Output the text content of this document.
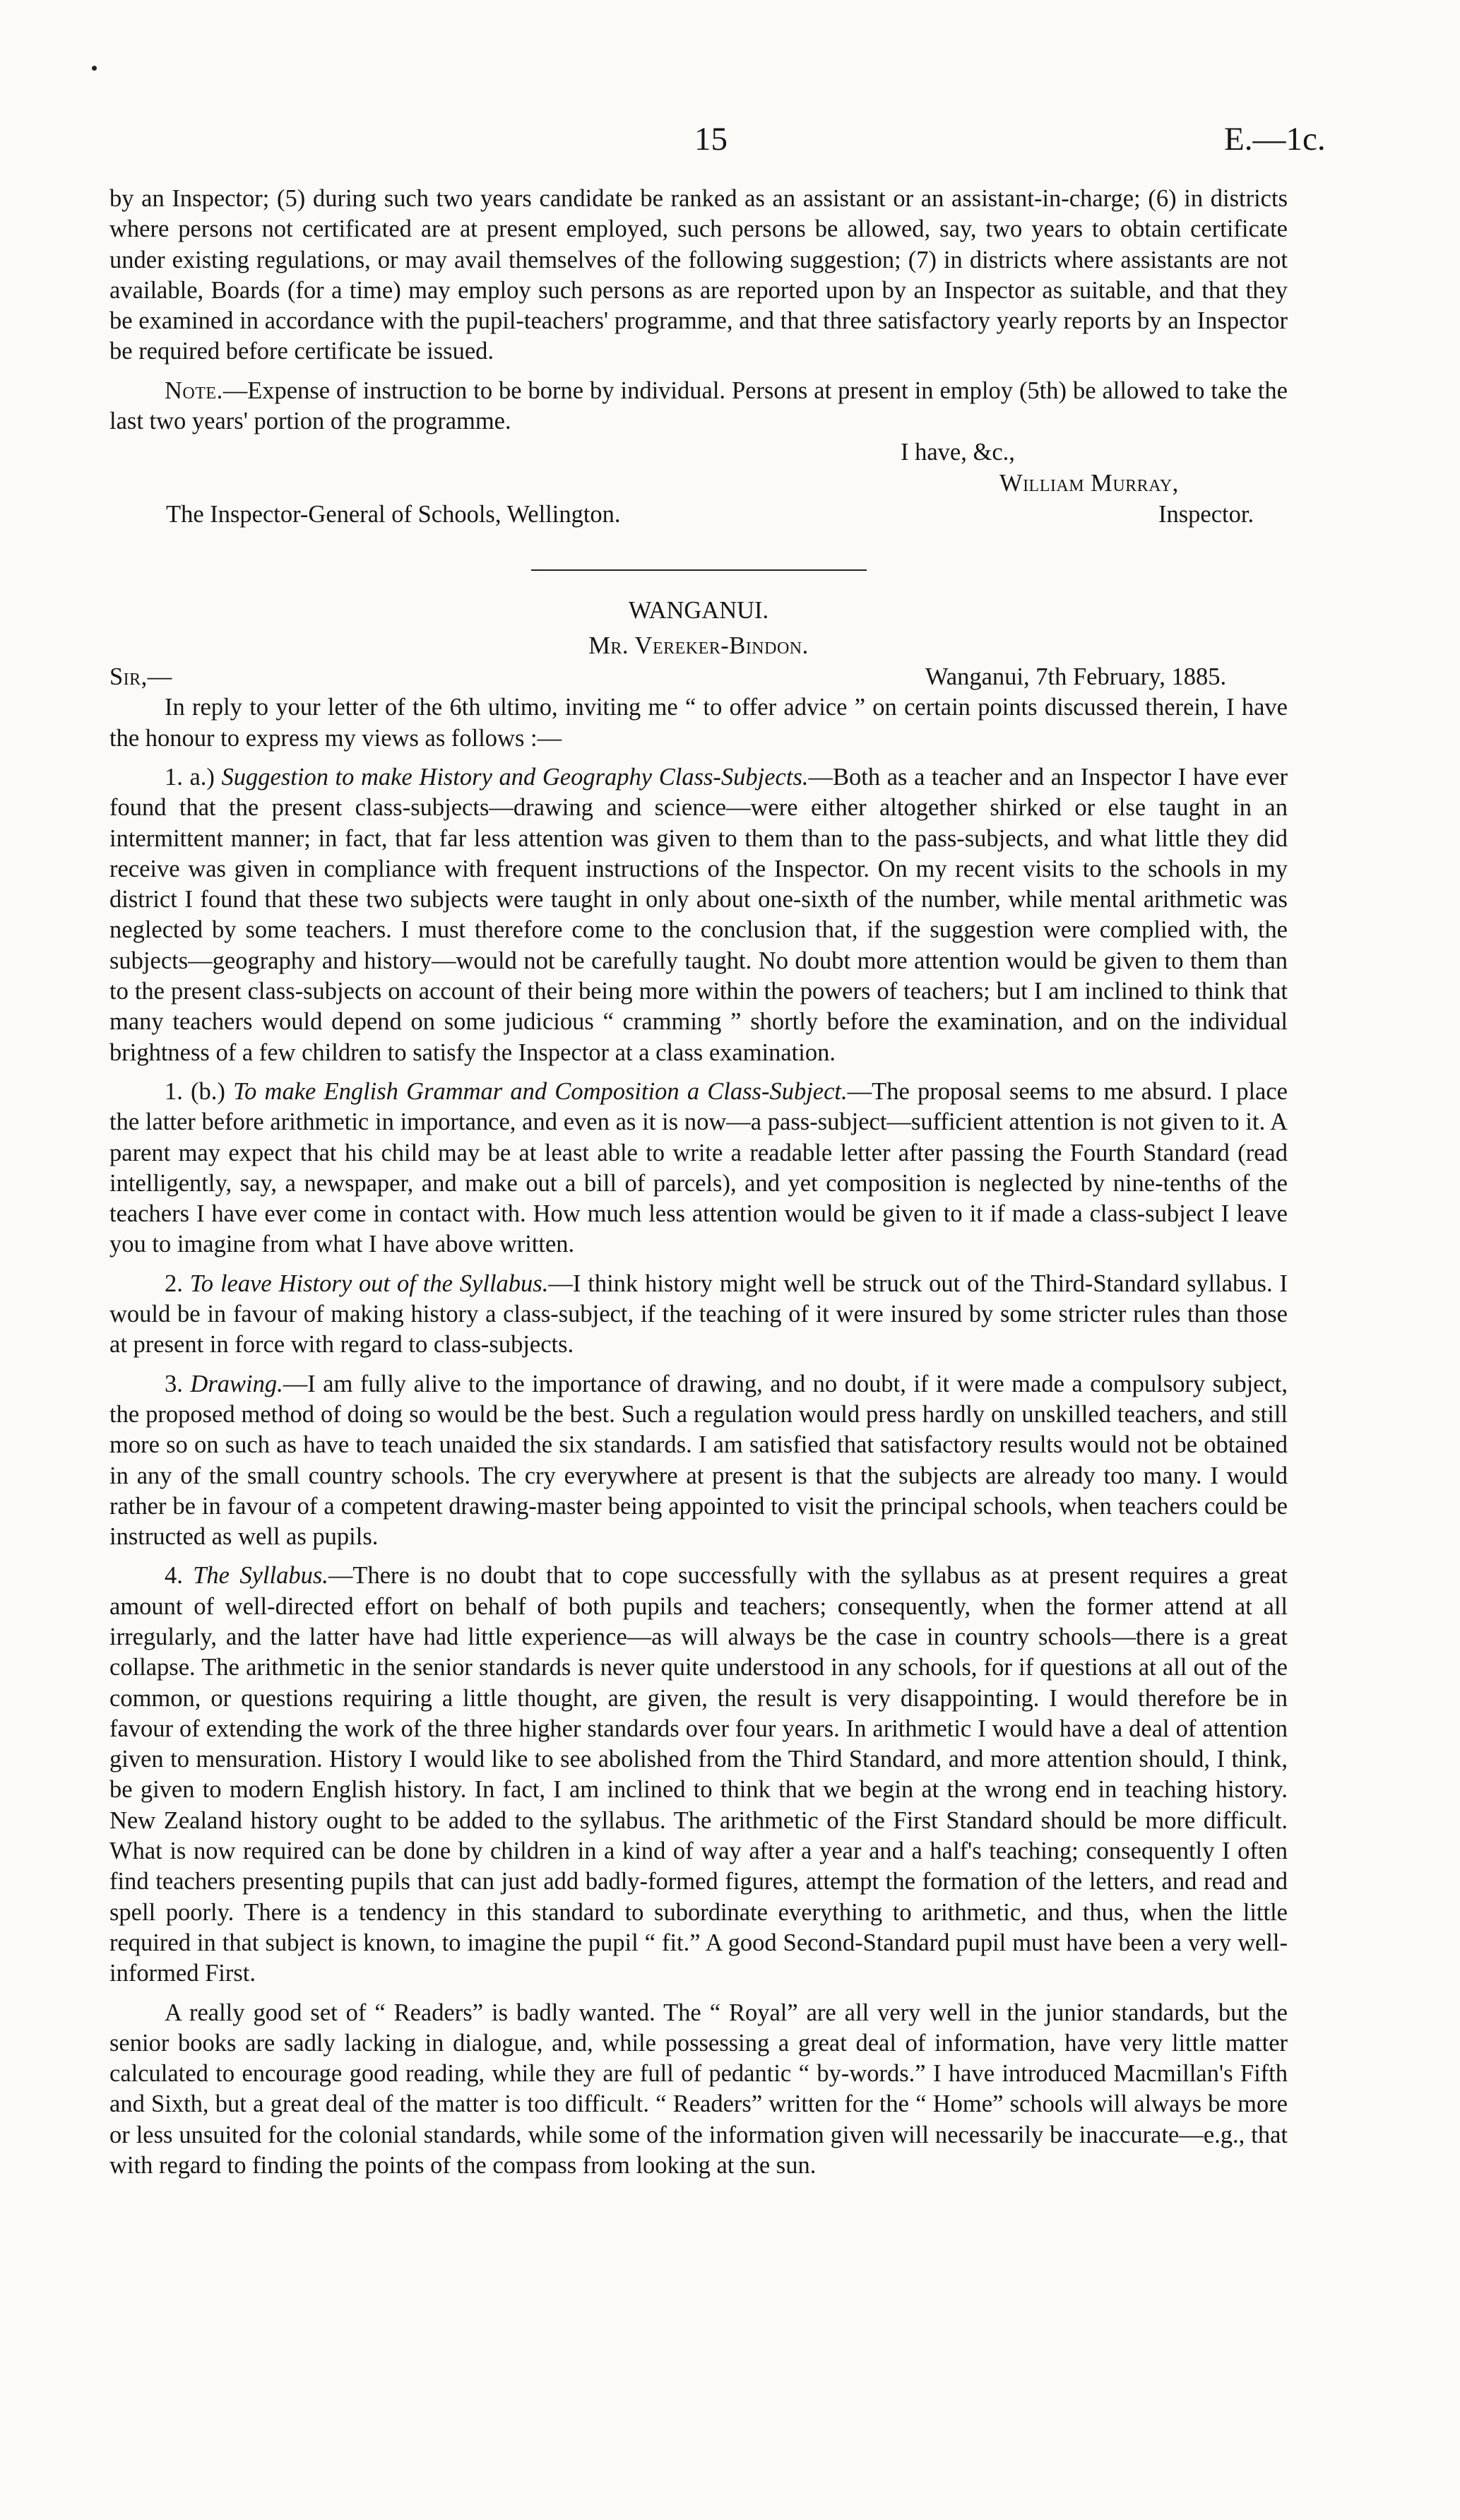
15	E.—1c.

by an Inspector; (5) during such two years candidate be ranked as an assistant or an assistant-in-charge; (6) in districts where persons not certificated are at present employed, such persons be allowed, say, two years to obtain certificate under existing regulations, or may avail themselves of the following suggestion; (7) in districts where assistants are not available, Boards (for a time) may employ such persons as are reported upon by an Inspector as suitable, and that they be examined in accordance with the pupil-teachers' programme, and that three satisfactory yearly reports by an Inspector be required before certificate be issued.

Note.—Expense of instruction to be borne by individual. Persons at present in employ (5th) be allowed to take the last two years' portion of the programme.

I have, &c.,
William Murray,
The Inspector-General of Schools, Wellington.	Inspector.
WANGANUI.
Mr. Vereker-Bindon.
Sir,—	Wanganui, 7th February, 1885.

In reply to your letter of the 6th ultimo, inviting me “ to offer advice ” on certain points discussed therein, I have the honour to express my views as follows :—

1. a.) Suggestion to make History and Geography Class-Subjects.—Both as a teacher and an Inspector I have ever found that the present class-subjects—drawing and science—were either altogether shirked or else taught in an intermittent manner; in fact, that far less attention was given to them than to the pass-subjects, and what little they did receive was given in compliance with frequent instructions of the Inspector. On my recent visits to the schools in my district I found that these two subjects were taught in only about one-sixth of the number, while mental arithmetic was neglected by some teachers. I must therefore come to the conclusion that, if the suggestion were complied with, the subjects—geography and history—would not be carefully taught. No doubt more attention would be given to them than to the present class-subjects on account of their being more within the powers of teachers; but I am inclined to think that many teachers would depend on some judicious “ cramming ” shortly before the examination, and on the individual brightness of a few children to satisfy the Inspector at a class examination.

1. (b.) To make English Grammar and Composition a Class-Subject.—The proposal seems to me absurd. I place the latter before arithmetic in importance, and even as it is now—a pass-subject—sufficient attention is not given to it. A parent may expect that his child may be at least able to write a readable letter after passing the Fourth Standard (read intelligently, say, a newspaper, and make out a bill of parcels), and yet composition is neglected by nine-tenths of the teachers I have ever come in contact with. How much less attention would be given to it if made a class-subject I leave you to imagine from what I have above written.

2. To leave History out of the Syllabus.—I think history might well be struck out of the Third-Standard syllabus. I would be in favour of making history a class-subject, if the teaching of it were insured by some stricter rules than those at present in force with regard to class-subjects.

3. Drawing.—I am fully alive to the importance of drawing, and no doubt, if it were made a compulsory subject, the proposed method of doing so would be the best. Such a regulation would press hardly on unskilled teachers, and still more so on such as have to teach unaided the six standards. I am satisfied that satisfactory results would not be obtained in any of the small country schools. The cry everywhere at present is that the subjects are already too many. I would rather be in favour of a competent drawing-master being appointed to visit the principal schools, when teachers could be instructed as well as pupils.

4. The Syllabus.—There is no doubt that to cope successfully with the syllabus as at present requires a great amount of well-directed effort on behalf of both pupils and teachers; consequently, when the former attend at all irregularly, and the latter have had little experience—as will always be the case in country schools—there is a great collapse. The arithmetic in the senior standards is never quite understood in any schools, for if questions at all out of the common, or questions requiring a little thought, are given, the result is very disappointing. I would therefore be in favour of extending the work of the three higher standards over four years. In arithmetic I would have a deal of attention given to mensuration. History I would like to see abolished from the Third Standard, and more attention should, I think, be given to modern English history. In fact, I am inclined to think that we begin at the wrong end in teaching history. New Zealand history ought to be added to the syllabus. The arithmetic of the First Standard should be more difficult. What is now required can be done by children in a kind of way after a year and a half's teaching; consequently I often find teachers presenting pupils that can just add badly-formed figures, attempt the formation of the letters, and read and spell poorly. There is a tendency in this standard to subordinate everything to arithmetic, and thus, when the little required in that subject is known, to imagine the pupil “ fit.” A good Second-Standard pupil must have been a very well-informed First.

A really good set of “ Readers” is badly wanted. The “ Royal” are all very well in the junior standards, but the senior books are sadly lacking in dialogue, and, while possessing a great deal of information, have very little matter calculated to encourage good reading, while they are full of pedantic “ by-words.” I have introduced Macmillan's Fifth and Sixth, but a great deal of the matter is too difficult. “ Readers” written for the “ Home” schools will always be more or less unsuited for the colonial standards, while some of the information given will necessarily be inaccurate—e.g., that with regard to finding the points of the compass from looking at the sun.
